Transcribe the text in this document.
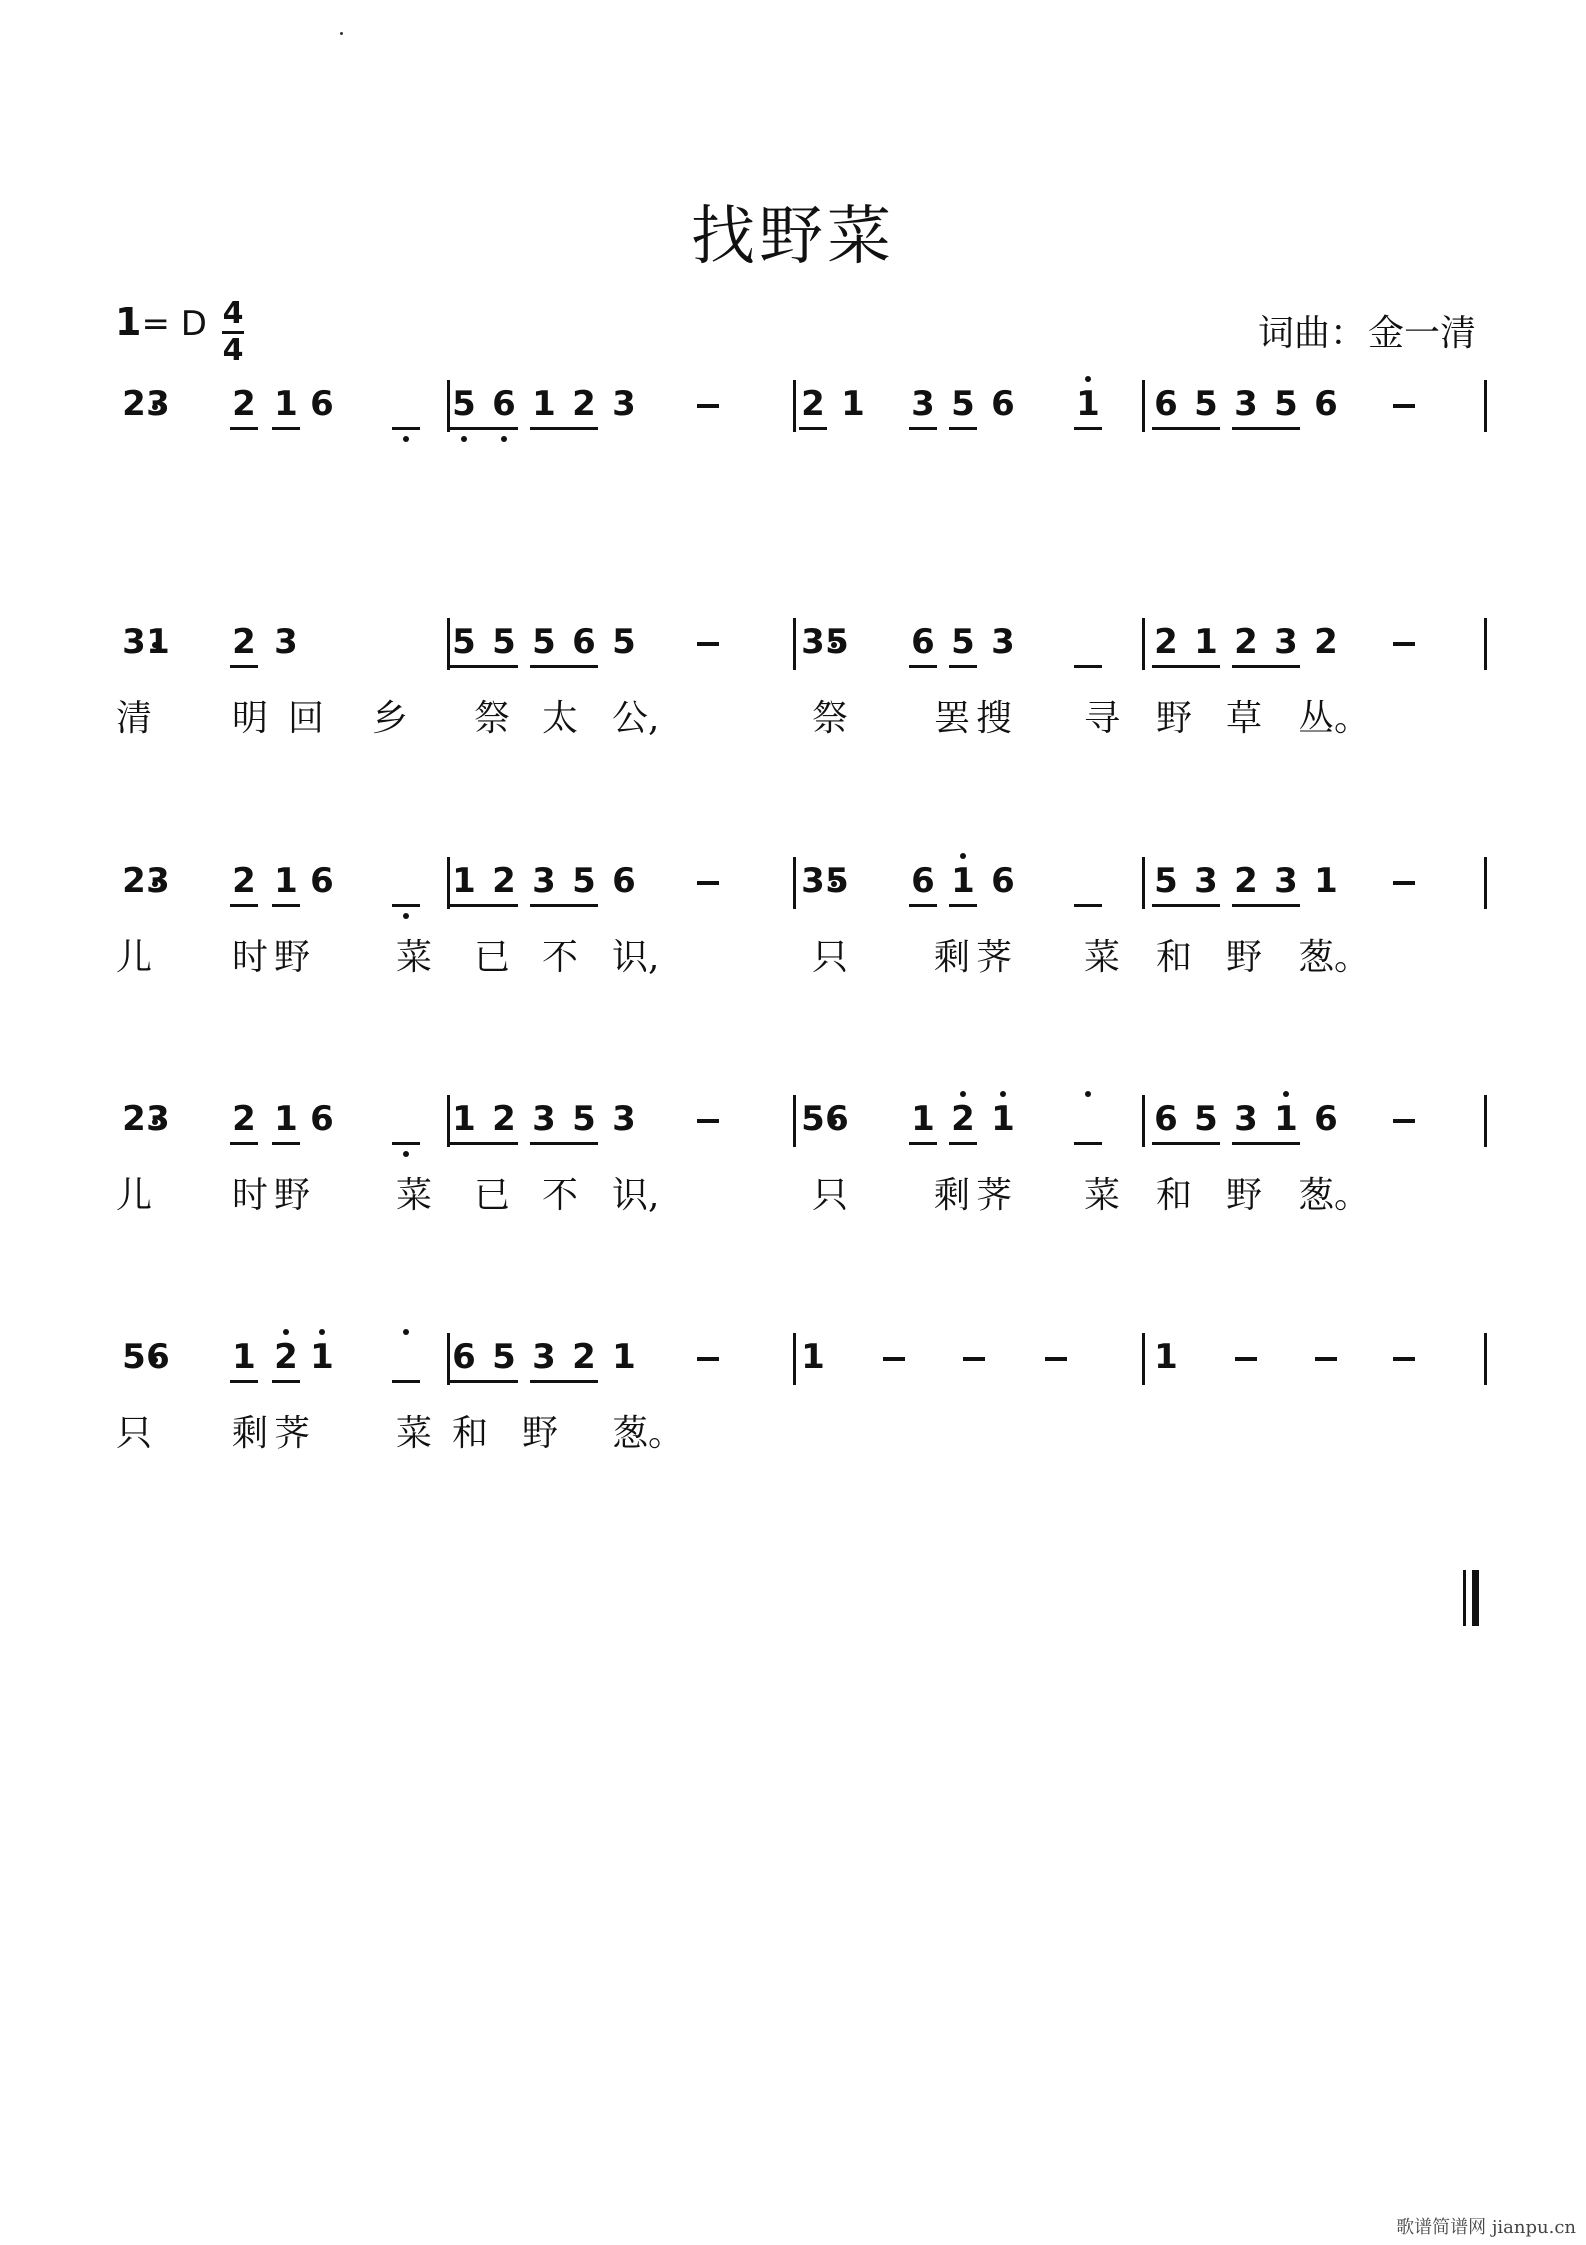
找野菜
1= D 4
4	词曲：金一清
2 3 2 1 6	5 6 1 2 3	2 1 3 5 6 1 6 5 3 5 6
3 1 2 3	5 5 5 6 5	3 5 6 5 3	2 1 2 3 2
清 明 回 乡 祭 太 公,	祭 罢 搜 寻 野 草 丛。
2 3 2 1 6	1 2 3 5 6	3 5 6 1 6	5 3 2 3 1
儿 时 野 菜 已 不 识,	只 剩 荠 菜 和 野 葱。
2 3 2 1 6	1 2 3 5 3	5 6 1 2 1	6 5 3 1 6
儿 时 野 菜 已 不 识,	只 剩 荠 菜 和 野 葱。
5 6 1 2 1	6 5 3 2 1	1	1
只 剩 荠 菜 和 野 葱。
歌谱简谱网 jianpu.cn
